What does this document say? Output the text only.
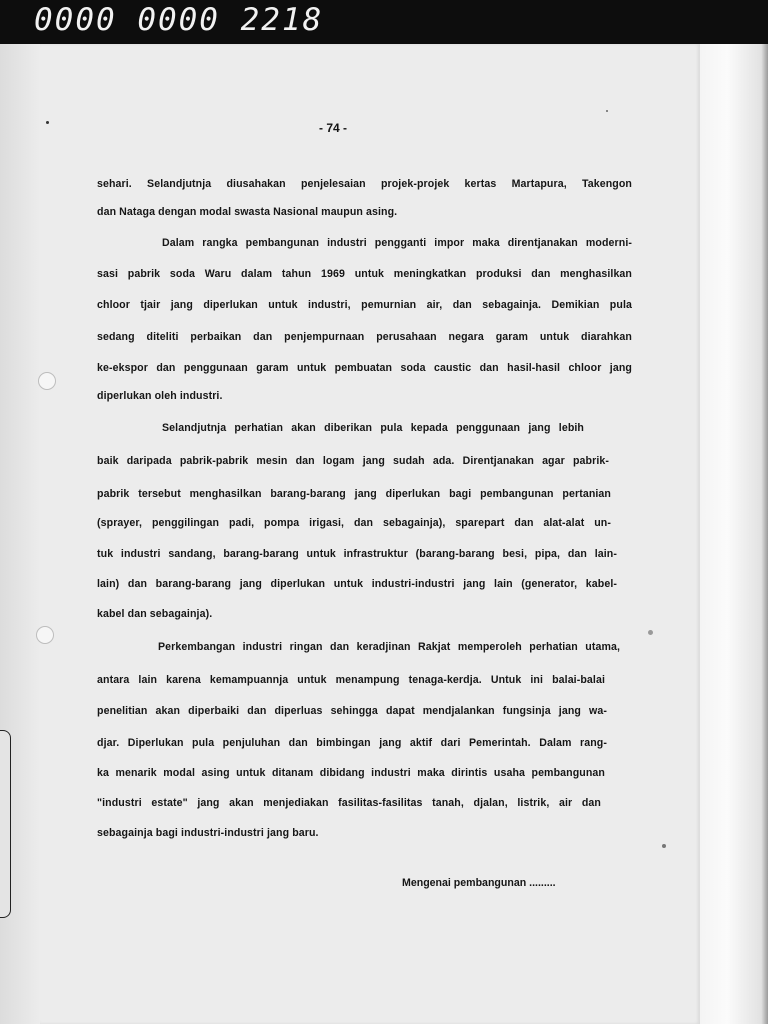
0000 0000 2218
- 74 -
sehari. Selandjutnja diusahakan penjelesaian projek-projek kertas Martapura, Takengon
dan Nataga dengan modal swasta Nasional maupun asing.
Dalam rangka pembangunan industri pengganti impor maka direntjanakan moderni-
sasi pabrik soda Waru dalam tahun 1969 untuk meningkatkan produksi dan menghasilkan
chloor tjair jang diperlukan untuk industri, pemurnian air, dan sebagainja. Demikian pula
sedang diteliti perbaikan dan penjempurnaan perusahaan negara garam untuk diarahkan
ke-ekspor dan penggunaan garam untuk pembuatan soda caustic dan hasil-hasil chloor jang
diperlukan oleh industri.
Selandjutnja perhatian akan diberikan pula kepada penggunaan jang lebih
baik daripada pabrik-pabrik mesin dan logam jang sudah ada. Direntjanakan agar pabrik-
pabrik tersebut menghasilkan barang-barang jang diperlukan bagi pembangunan pertanian
(sprayer, penggilingan padi, pompa irigasi, dan sebagainja), sparepart dan alat-alat un-
tuk industri sandang, barang-barang untuk infrastruktur (barang-barang besi, pipa, dan lain-
lain) dan barang-barang jang diperlukan untuk industri-industri jang lain (generator, kabel-
kabel dan sebagainja).
Perkembangan industri ringan dan keradjinan Rakjat memperoleh perhatian utama,
antara lain karena kemampuannja untuk menampung tenaga-kerdja. Untuk ini balai-balai
penelitian akan diperbaiki dan diperluas sehingga dapat mendjalankan fungsinja jang wa-
djar. Diperlukan pula penjuluhan dan bimbingan jang aktif dari Pemerintah. Dalam rang-
ka menarik modal asing untuk ditanam dibidang industri maka dirintis usaha pembangunan
"industri estate" jang akan menjediakan fasilitas-fasilitas tanah, djalan, listrik, air dan
sebagainja bagi industri-industri jang baru.
Mengenai pembangunan .........
